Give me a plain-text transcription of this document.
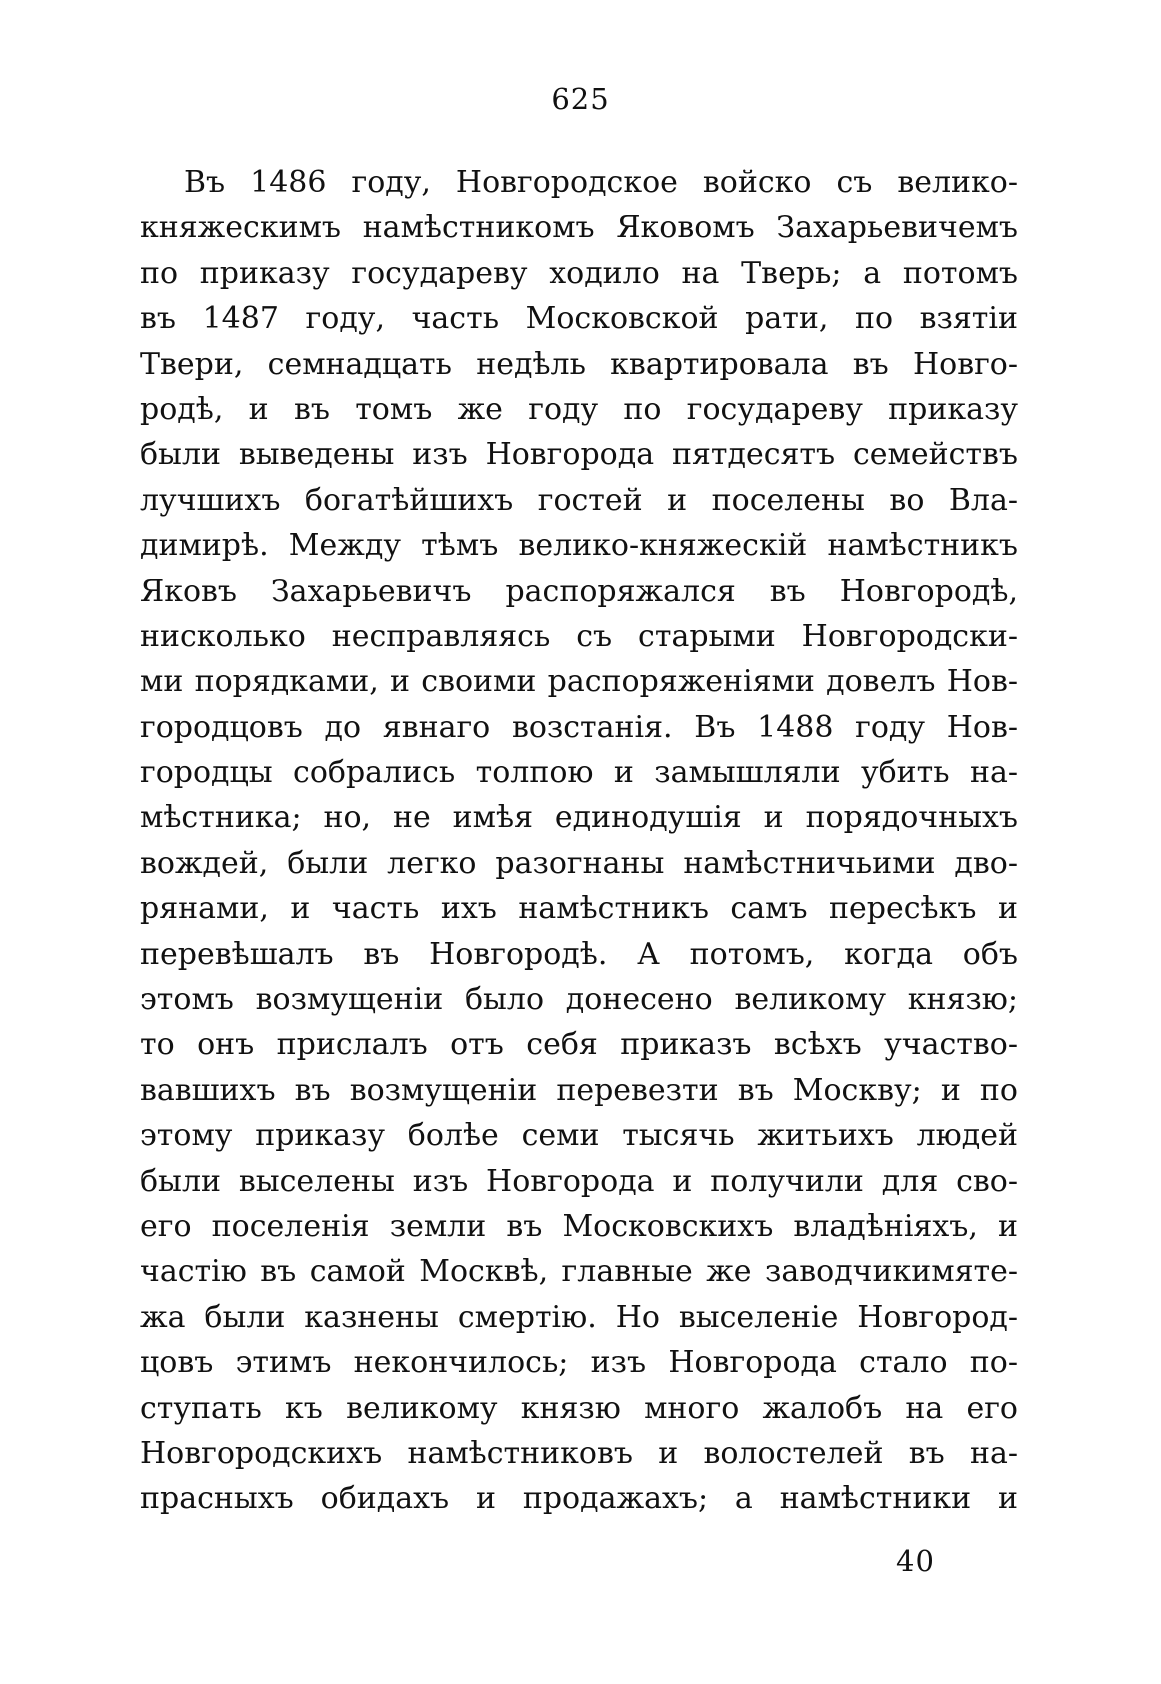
625
Въ 1486 году, Новгородское войско съ велико-
княжескимъ намѣстникомъ Яковомъ Захарьевичемъ
по приказу государеву ходило на Тверь; а потомъ
въ 1487 году, часть Московской рати, по взятіи
Твери, семнадцать недѣль квартировала въ Новго-
родѣ, и въ томъ же году по государеву приказу
были выведены изъ Новгорода пятдесятъ семействъ
лучшихъ богатѣйшихъ гостей и поселены во Вла-
димирѣ. Между тѣмъ велико-княжескій намѣстникъ
Яковъ Захарьевичъ распоряжался въ Новгородѣ,
нисколько несправляясь съ старыми Новгородски-
ми порядками, и своими распоряженіями довелъ Нов-
городцовъ до явнаго возстанія. Въ 1488 году Нов-
городцы собрались толпою и замышляли убить на-
мѣстника; но, не имѣя единодушія и порядочныхъ
вождей, были легко разогнаны намѣстничьими дво-
рянами, и часть ихъ намѣстникъ самъ пересѣкъ и
перевѣшалъ въ Новгородѣ. А потомъ, когда объ
этомъ возмущеніи было донесено великому князю;
то онъ прислалъ отъ себя приказъ всѣхъ участво-
вавшихъ въ возмущеніи перевезти въ Москву; и по
этому приказу болѣе семи тысячь житьихъ людей
были выселены изъ Новгорода и получили для сво-
его поселенія земли въ Московскихъ владѣніяхъ, и
частію въ самой Москвѣ, главные же заводчикимяте-
жа были казнены смертію. Но выселеніе Новгород-
цовъ этимъ некончилось; изъ Новгорода стало по-
ступать къ великому князю много жалобъ на его
Новгородскихъ намѣстниковъ и волостелей въ на-
прасныхъ обидахъ и продажахъ; а намѣстники и
40
